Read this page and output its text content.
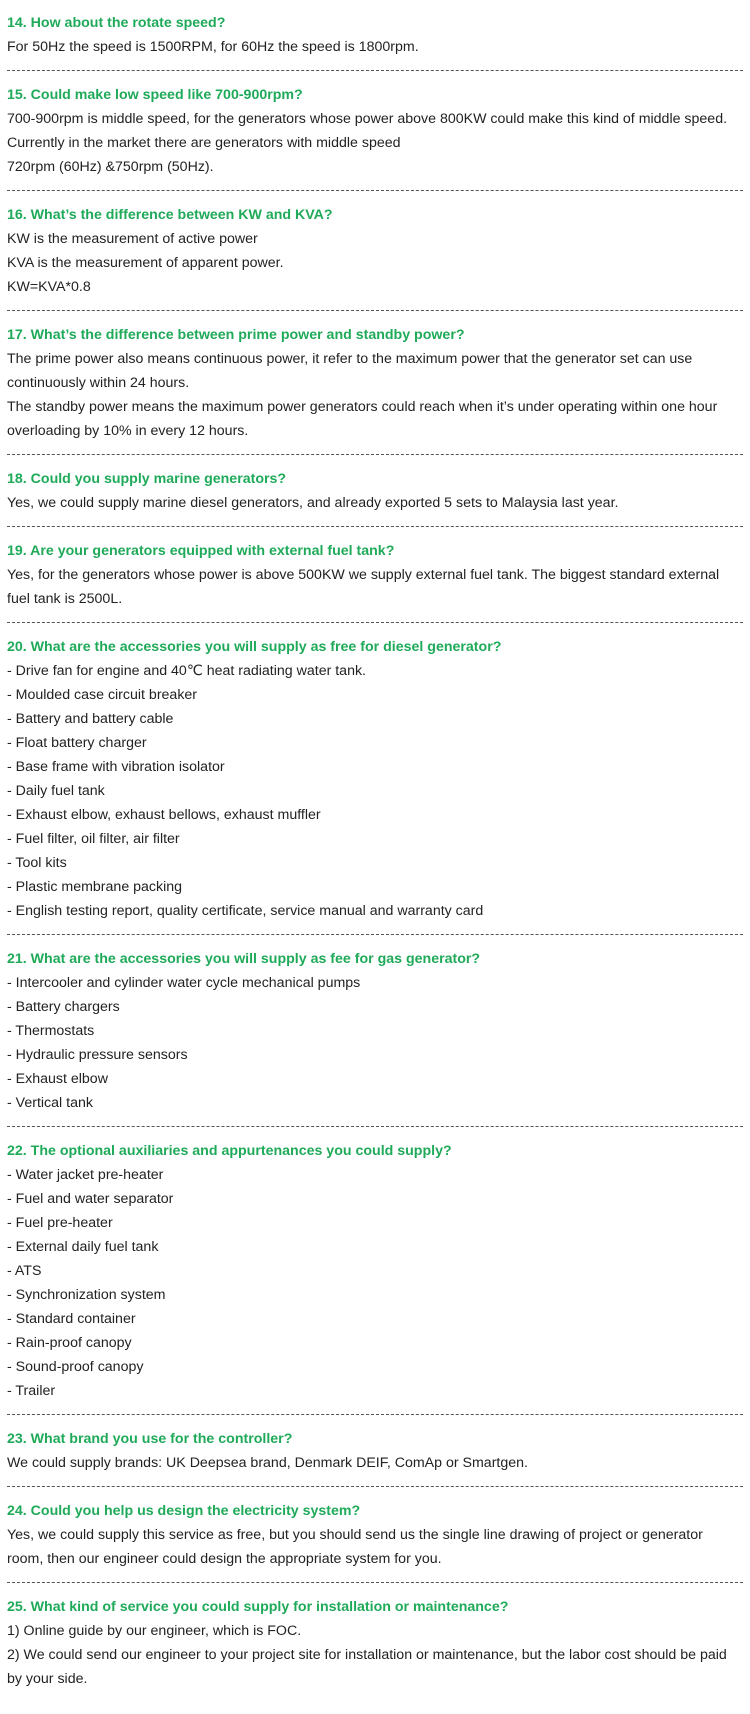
14. How about the rotate speed?

For 50Hz the speed is 1500RPM, for 60Hz the speed is 1800rpm.

15. Could make low speed like 700-900rpm?

700-900rpm is middle speed, for the generators whose power above 800KW could make this kind of middle speed.

Currently in the market there are generators with middle speed

720rpm (60Hz) &750rpm (50Hz).

16. What’s the difference between KW and KVA?

KW is the measurement of active power

KVA is the measurement of apparent power.

KW=KVA*0.8

17. What’s the difference between prime power and standby power?

The prime power also means continuous power, it refer to the maximum power that the generator set can use

continuously within 24 hours.

The standby power means the maximum power generators could reach when it’s under operating within one hour

overloading by 10% in every 12 hours.

18. Could you supply marine generators?

Yes, we could supply marine diesel generators, and already exported 5 sets to Malaysia last year.

19. Are your generators equipped with external fuel tank?

Yes, for the generators whose power is above 500KW we supply external fuel tank. The biggest standard external

fuel tank is 2500L.

20. What are the accessories you will supply as free for diesel generator?

- Drive fan for engine and 40℃ heat radiating water tank.

- Moulded case circuit breaker

- Battery and battery cable

- Float battery charger

- Base frame with vibration isolator

- Daily fuel tank

- Exhaust elbow, exhaust bellows, exhaust muffler

- Fuel filter, oil filter, air filter

- Tool kits

- Plastic membrane packing

- English testing report, quality certificate, service manual and warranty card

21. What are the accessories you will supply as fee for gas generator?

- Intercooler and cylinder water cycle mechanical pumps

- Battery chargers

- Thermostats

- Hydraulic pressure sensors

- Exhaust elbow

- Vertical tank

22. The optional auxiliaries and appurtenances you could supply?

- Water jacket pre-heater

- Fuel and water separator

- Fuel pre-heater

- External daily fuel tank

- ATS

- Synchronization system

- Standard container

- Rain-proof canopy

- Sound-proof canopy

- Trailer

23. What brand you use for the controller?

We could supply brands: UK Deepsea brand, Denmark DEIF, ComAp or Smartgen.

24. Could you help us design the electricity system?

Yes, we could supply this service as free, but you should send us the single line drawing of project or generator

room, then our engineer could design the appropriate system for you.

25. What kind of service you could supply for installation or maintenance?

1) Online guide by our engineer, which is FOC.

2) We could send our engineer to your project site for installation or maintenance, but the labor cost should be paid

by your side.
